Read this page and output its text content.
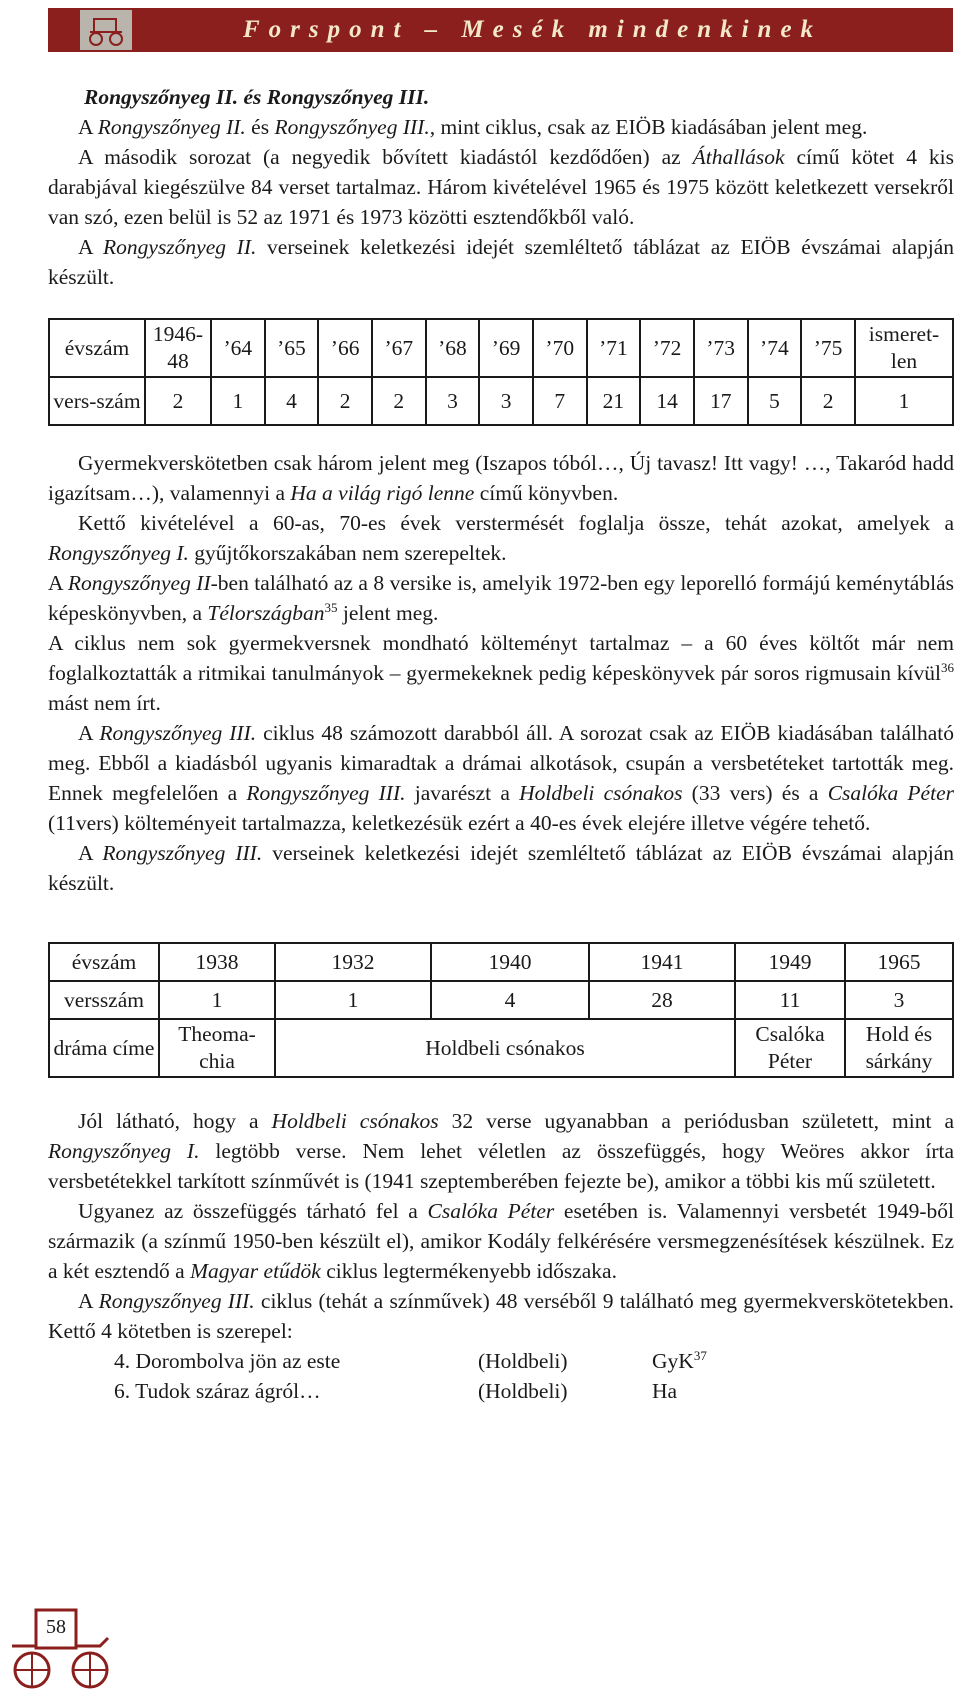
Forspont – Mesék mindenkinek

Rongyszőnyeg II. és Rongyszőnyeg III.

A Rongyszőnyeg II. és Rongyszőnyeg III., mint ciklus, csak az EIÖB kiadásában jelent meg.

A második sorozat (a negyedik bővített kiadástól kezdődően) az Áthallások című kötet 4 kis darabjával kiegészülve 84 verset tartalmaz. Három kivételével 1965 és 1975 között keletkezett versekről van szó, ezen belül is 52 az 1971 és 1973 közötti esztendőkből való.

A Rongyszőnyeg II. verseinek keletkezési idejét szemléltető táblázat az EIÖB évszámai alapján készült.

évszám	1946-48	’64	’65	’66	’67	’68	’69	’70	’71	’72	’73	’74	’75	ismeret-len
vers-szám	2	1	4	2	2	3	3	7	21	14	17	5	2	1

Gyermekverskötetben csak három jelent meg (Iszapos tóból…, Új tavasz! Itt vagy! …, Takaród hadd igazítsam…), valamennyi a Ha a világ rigó lenne című könyvben.

Kettő kivételével a 60-as, 70-es évek verstermését foglalja össze, tehát azokat, amelyek a Rongyszőnyeg I. gyűjtőkorszakában nem szerepeltek.

A Rongyszőnyeg II-ben található az a 8 versike is, amelyik 1972-ben egy leporelló formájú keménytáblás képeskönyvben, a Télországban$^{35}$ jelent meg.

A ciklus nem sok gyermekversnek mondható költeményt tartalmaz – a 60 éves költőt már nem foglalkoztatták a ritmikai tanulmányok – gyermekeknek pedig képeskönyvek pár soros rigmusain kívül$^{36}$ mást nem írt.

A Rongyszőnyeg III. ciklus 48 számozott darabból áll. A sorozat csak az EIÖB kiadásában található meg. Ebből a kiadásból ugyanis kimaradtak a drámai alkotások, csupán a versbetéteket tartották meg. Ennek megfelelően a Rongyszőnyeg III. javarészt a Holdbeli csónakos (33 vers) és a Csalóka Péter (11vers) költeményeit tartalmazza, keletkezésük ezért a 40-es évek elejére illetve végére tehető.

A Rongyszőnyeg III. verseinek keletkezési idejét szemléltető táblázat az EIÖB évszámai alapján készült.

évszám	1938	1932	1940	1941	1949	1965
versszám	1	1	4	28	11	3
dráma címe	Theoma-chia	Holdbeli csónakos			Csalóka Péter	Hold és sárkány

Jól látható, hogy a Holdbeli csónakos 32 verse ugyanabban a periódusban született, mint a Rongyszőnyeg I. legtöbb verse. Nem lehet véletlen az összefüggés, hogy Weöres akkor írta versbetétekkel tarkított színművét is (1941 szeptemberében fejezte be), amikor a többi kis mű született.

Ugyanez az összefüggés tárható fel a Csalóka Péter esetében is. Valamennyi versbetét 1949-ből származik (a színmű 1950-ben készült el), amikor Kodály felkérésére versmegzenésítések készülnek. Ez a két esztendő a Magyar etűdök ciklus legtermékenyebb időszaka.

A Rongyszőnyeg III. ciklus (tehát a színművek) 48 verséből 9 található meg gyermekverskötetekben. Kettő 4 kötetben is szerepel:

4. Dorombolva jön az este	(Holdbeli)	GyK$^{37}$
6. Tudok száraz ágról…	(Holdbeli)	Ha
58
